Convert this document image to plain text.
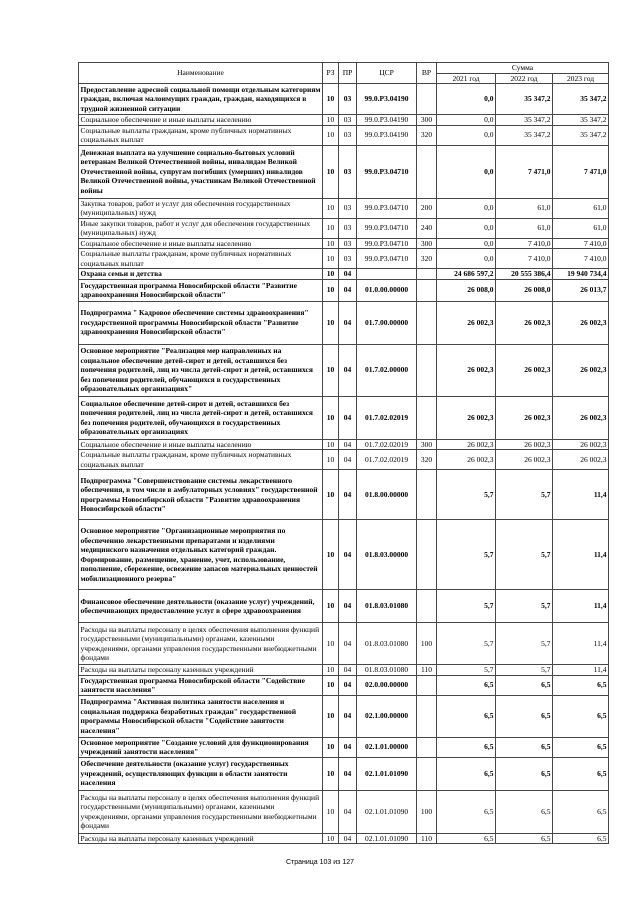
Наименование	РЗ	ПР	ЦСР	ВР	Сумма		
					2021 год	2022 год	2023 год
Предоставление адресной социальной помощи отдельным категориям граждан, включая малоимущих граждан, граждан, находящихся в трудной жизненной ситуации	10	03	99.0.Р3.04190		0,0	35 347,2	35 347,2
Социальное обеспечение и иные выплаты населению	10	03	99.0.Р3.04190	300	0,0	35 347,2	35 347,2
Социальные выплаты гражданам, кроме публичных нормативных социальных выплат	10	03	99.0.Р3.04190	320	0,0	35 347,2	35 347,2
Денежная выплата на улучшение социально-бытовых условий ветеранам Великой Отечественной войны, инвалидам Великой Отечественной войны, супругам погибших (умерших) инвалидов Великой Отечественной войны, участникам Великой Отечественной войны	10	03	99.0.Р3.04710		0,0	7 471,0	7 471,0
Закупка товаров, работ и услуг для обеспечения государственных (муниципальных) нужд	10	03	99.0.Р3.04710	200	0,0	61,0	61,0
Иные закупки товаров, работ и услуг для обеспечения государственных (муниципальных) нужд	10	03	99.0.Р3.04710	240	0,0	61,0	61,0
Социальное обеспечение и иные выплаты населению	10	03	99.0.Р3.04710	300	0,0	7 410,0	7 410,0
Социальные выплаты гражданам, кроме публичных нормативных социальных выплат	10	03	99.0.Р3.04710	320	0,0	7 410,0	7 410,0
Охрана семьи и детства	10	04			24 686 597,2	20 555 386,4	19 940 734,4
Государственная программа Новосибирской области "Развитие здравоохранения Новосибирской области"	10	04	01.0.00.00000		26 008,0	26 008,0	26 013,7
Подпрограмма " Кадровое обеспечение системы здравоохранения" государственной программы Новосибирской области "Развитие здравоохранения Новосибирской области"	10	04	01.7.00.00000		26 002,3	26 002,3	26 002,3
Основное мероприятие "Реализация мер направленных на социальное обеспечение детей-сирот и детей, оставшихся без попечения родителей, лиц из числа детей-сирот и детей, оставшихся без попечения родителей, обучающихся в государственных образовательных организациях"	10	04	01.7.02.00000		26 002,3	26 002,3	26 002,3
Социальное обеспечение детей-сирот и детей, оставшихся без попечения родителей, лиц из числа детей-сирот и детей, оставшихся без попечения родителей, обучающихся в государственных образовательных организациях	10	04	01.7.02.02019		26 002,3	26 002,3	26 002,3
Социальное обеспечение и иные выплаты населению	10	04	01.7.02.02019	300	26 002,3	26 002,3	26 002,3
Социальные выплаты гражданам, кроме публичных нормативных социальных выплат	10	04	01.7.02.02019	320	26 002,3	26 002,3	26 002,3
Подпрограмма "Совершенствование системы лекарственного обеспечения, в том числе в амбулаторных условиях" государственной программы Новосибирской области "Развитие здравоохранения Новосибирской области"	10	04	01.8.00.00000		5,7	5,7	11,4
Основное мероприятие "Организационные мероприятия по обеспечению лекарственными препаратами и изделиями медицинского назначения отдельных категорий граждан. Формирование, размещение, хранение, учет, использование, пополнение, сбережение, освежение запасов материальных ценностей мобилизационного резерва"	10	04	01.8.03.00000		5,7	5,7	11,4
Финансовое обеспечение деятельности (оказание услуг) учреждений, обеспечивающих предоставление услуг в сфере здравоохранения	10	04	01.8.03.01080		5,7	5,7	11,4
Расходы на выплаты персоналу в целях обеспечения выполнения функций государственными (муниципальными) органами, казенными учреждениями, органами управления государственными внебюджетными фондами	10	04	01.8.03.01080	100	5,7	5,7	11,4
Расходы на выплаты персоналу казенных учреждений	10	04	01.8.03.01080	110	5,7	5,7	11,4
Государственная программа Новосибирской области "Содействие занятости населения"	10	04	02.0.00.00000		6,5	6,5	6,5
Подпрограмма "Активная политика занятости населения и социальная поддержка безработных граждан" государственной программы Новосибирской области "Содействие занятости населения"	10	04	02.1.00.00000		6,5	6,5	6,5
Основное мероприятие "Создание условий для функционирования учреждений занятости населения"	10	04	02.1.01.00000		6,5	6,5	6,5
Обеспечение деятельности (оказание услуг) государственных учреждений, осуществляющих функции в области занятости населения	10	04	02.1.01.01090		6,5	6,5	6,5
Расходы на выплаты персоналу в целях обеспечения выполнения функций государственными (муниципальными) органами, казенными учреждениями, органами управления государственными внебюджетными фондами	10	04	02.1.01.01090	100	6,5	6,5	6,5
Расходы на выплаты персоналу казенных учреждений	10	04	02.1.01.01090	110	6,5	6,5	6,5
Страница 103 из 127
